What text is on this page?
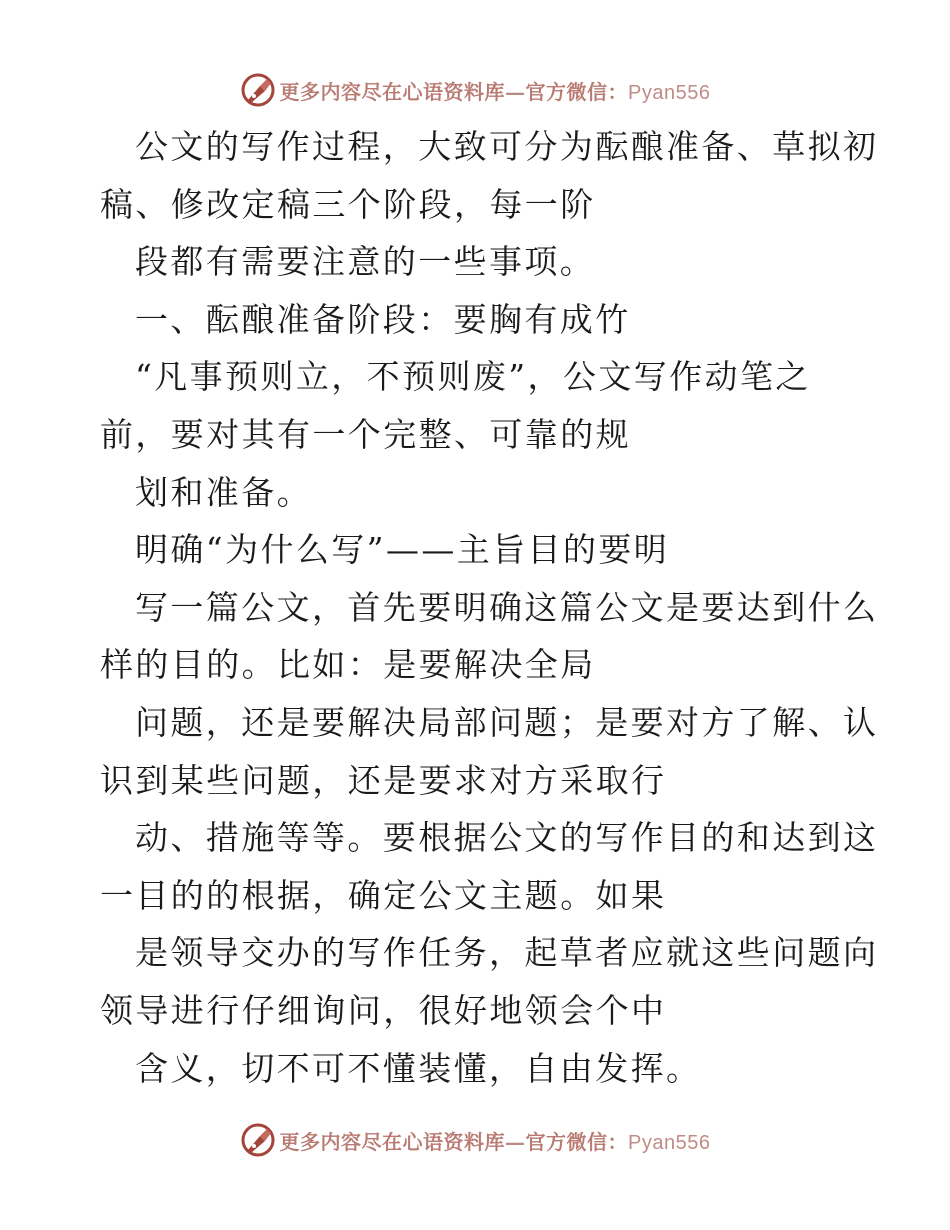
更多内容尽在心语资料库—官方微信：Pyan556
公文的写作过程，大致可分为酝酿准备、草拟初
稿、修改定稿三个阶段，每一阶
段都有需要注意的一些事项。
一、酝酿准备阶段：要胸有成竹
“凡事预则立，不预则废”，公文写作动笔之
前，要对其有一个完整、可靠的规
划和准备。
明确“为什么写”——主旨目的要明
写一篇公文，首先要明确这篇公文是要达到什么
样的目的。比如：是要解决全局
问题，还是要解决局部问题；是要对方了解、认
识到某些问题，还是要求对方采取行
动、措施等等。要根据公文的写作目的和达到这
一目的的根据，确定公文主题。如果
是领导交办的写作任务，起草者应就这些问题向
领导进行仔细询问，很好地领会个中
含义，切不可不懂装懂，自由发挥。
更多内容尽在心语资料库—官方微信：Pyan556
